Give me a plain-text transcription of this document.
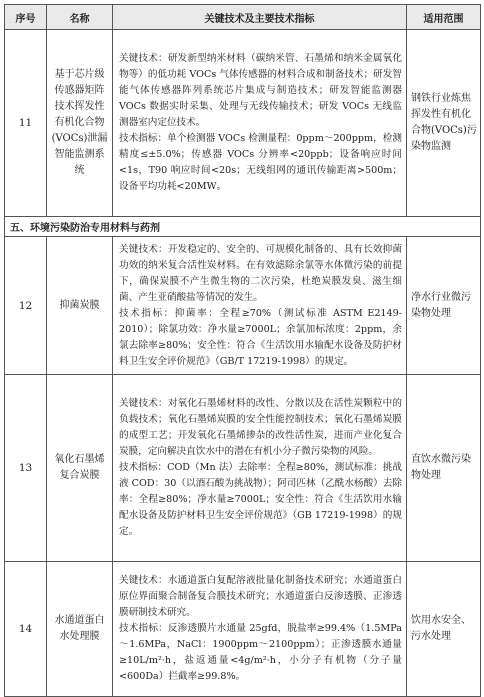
序号	名称	关键技术及主要技术指标	适用范围
11	基于芯片级传感器矩阵技术挥发性有机化合物(VOCs)泄漏智能监测系统	关键技术：研发新型纳米材料（碳纳米管、石墨烯和纳米金属氧化物等）的低功耗 VOCs 气体传感器的材料合成和制备技术；研发智能气体传感器阵列系统芯片集成与制造技术；研发智能监测器 VOCs 数据实时采集、处理与无线传输技术；研发 VOCs 无线监测器室内定位技术。

技术指标：单个检测器 VOCs 检测量程：0ppm～200ppm，检测精度≤±5.0%；传感器 VOCs 分辨率<20ppb；设备响应时间<1s，T90 响应时间<20s；无线组网的通讯传输距离>500m；设备平均功耗<20MW。	钢铁行业炼焦挥发性有机化合物(VOCs)污染物监测
五、环境污染防治专用材料与药剂			
12	抑菌炭膜	关键技术：开发稳定的、安全的、可规模化制备的、具有长效抑菌功效的纳米复合活性炭材料。在有效滤除余氯等水体微污染的前提下，确保炭膜不产生微生物的二次污染，杜绝炭膜发臭、滋生细菌、产生亚硝酸盐等情况的发生。

技术指标：抑菌率：全程≥70%（测试标准 ASTM E2149-2010）；除氯功效：净水量≥7000L；余氯加标浓度：2ppm，余氯去除率≥80%；安全性：符合《生活饮用水输配水设备及防护材料卫生安全评价规范》（GB/T 17219-1998）的规定。	净水行业微污染物处理
13	氧化石墨烯复合炭膜	关键技术：对氧化石墨烯材料的改性、分散以及在活性炭颗粒中的负载技术；氧化石墨烯炭膜的安全性能控制技术；氧化石墨烯炭膜的成型工艺；开发氧化石墨烯掺杂的改性活性炭，进而产业化复合炭膜，定向解决直饮水中的潜在有机小分子微污染物的风险。

技术指标：COD（Mn 法）去除率：全程≥80%，测试标准：挑战液 COD：30（以酒石酸为挑战物）；阿司匹林（乙酰水杨酸）去除率：全程≥80%；净水量≥7000L；安全性：符合《生活饮用水输配水设备及防护材料卫生安全评价规范》（GB 17219-1998）的规定。	直饮水微污染物处理
14	水通道蛋白水处理膜	关键技术：水通道蛋白复配溶液批量化制备技术研究；水通道蛋白原位界面聚合制备复合膜技术研究；水通道蛋白反渗透膜、正渗透膜研制技术研究。

技术指标：反渗透膜片水通量 25gfd，脱盐率≥99.4%（1.5MPa～1.6MPa，NaCl：1900ppm～2100ppm）；正渗透膜水通量≥10L/m²·h，盐返通量<4g/m²·h，小分子有机物（分子量<600Da）拦截率≥99.8%。	饮用水安全、污水处理
